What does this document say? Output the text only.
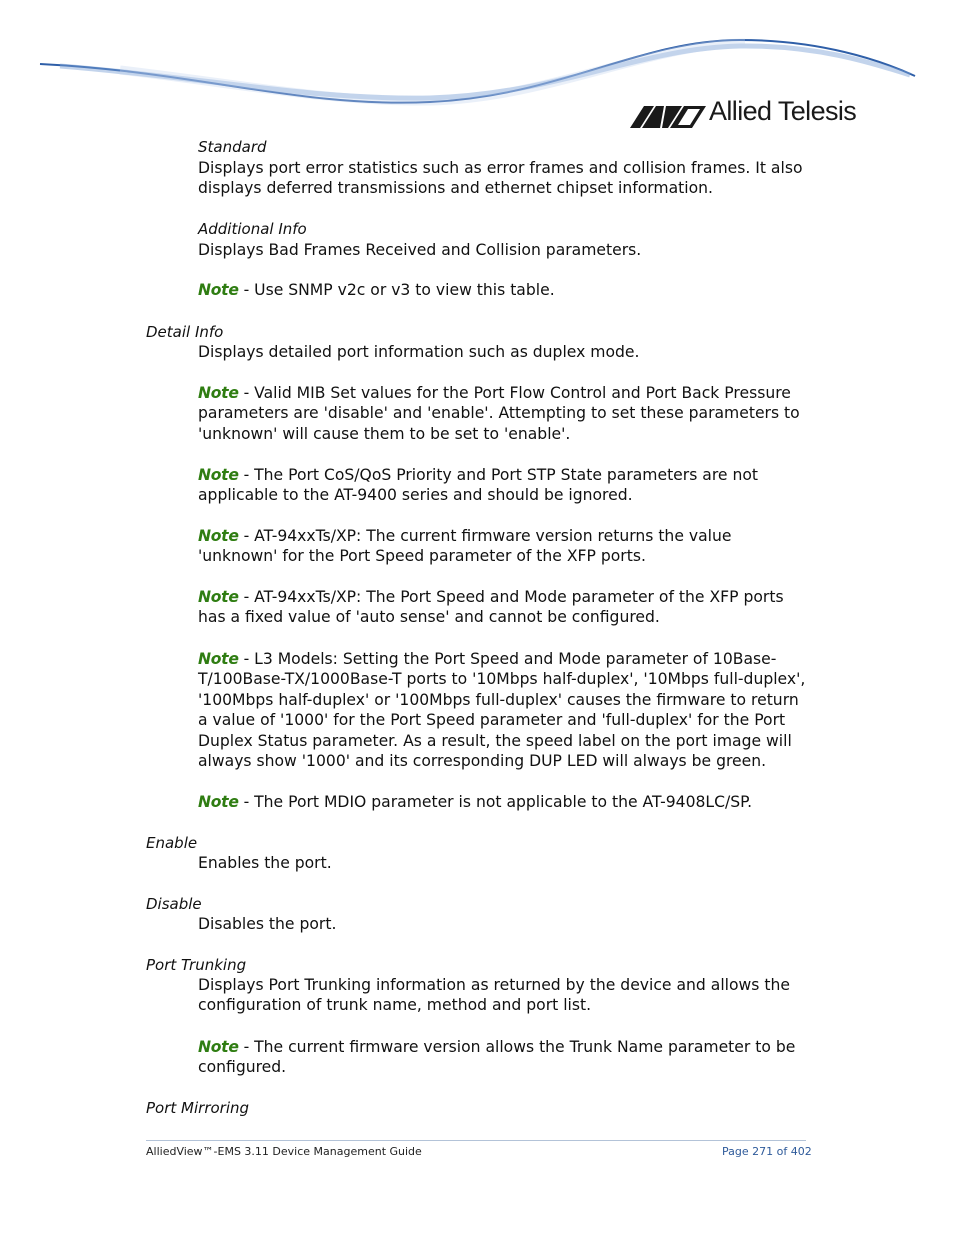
Allied Telesis
Standard
Displays port error statistics such as error frames and collision frames. It also displays deferred transmissions and ethernet chipset information.
Additional Info
Displays Bad Frames Received and Collision parameters.
Note - Use SNMP v2c or v3 to view this table.
Detail Info
Displays detailed port information such as duplex mode.
Note - Valid MIB Set values for the Port Flow Control and Port Back Pressure parameters are 'disable' and 'enable'. Attempting to set these parameters to 'unknown' will cause them to be set to 'enable'.
Note - The Port CoS/QoS Priority and Port STP State parameters are not applicable to the AT-9400 series and should be ignored.
Note - AT-94xxTs/XP: The current firmware version returns the value 'unknown' for the Port Speed parameter of the XFP ports.
Note - AT-94xxTs/XP: The Port Speed and Mode parameter of the XFP ports has a fixed value of 'auto sense' and cannot be configured.
Note - L3 Models: Setting the Port Speed and Mode parameter of 10Base-T/100Base-TX/1000Base-T ports to '10Mbps half-duplex', '10Mbps full-duplex', '100Mbps half-duplex' or '100Mbps full-duplex' causes the firmware to return a value of '1000' for the Port Speed parameter and 'full-duplex' for the Port Duplex Status parameter. As a result, the speed label on the port image will always show '1000' and its corresponding DUP LED will always be green.
Note - The Port MDIO parameter is not applicable to the AT-9408LC/SP.
Enable
Enables the port.
Disable
Disables the port.
Port Trunking
Displays Port Trunking information as returned by the device and allows the configuration of trunk name, method and port list.
Note - The current firmware version allows the Trunk Name parameter to be configured.
Port Mirroring
AlliedView™-EMS 3.11 Device Management Guide	Page 271 of 402
